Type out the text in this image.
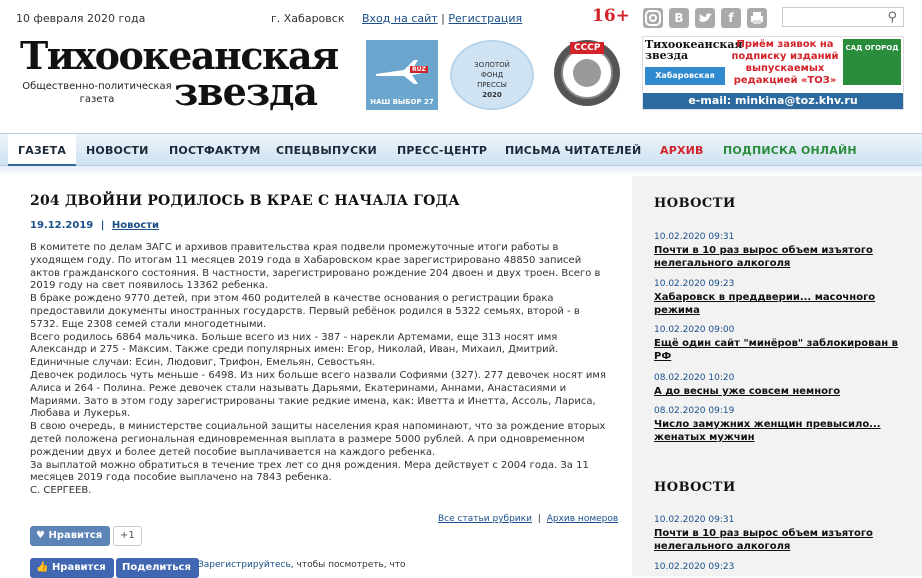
10 февраля 2020 года	г. Хабаровск Вход на сайт | Регистрация	16+	В	f	⚲
Тихоокеанская
звезда
Общественно-политическая газета
RUZ
НАШ ВЫБОР 27
ЗОЛОТОЙ
ФОНД
ПРЕССЫ
2020
СССР	Тихоокеанская звезда
Хабаровская
Приём заявок на подписку изданий выпускаемых редакцией «ТОЗ»
САД ОГОРОД
e-mail: minkina@toz.khv.ru
ГАЗЕТА	НОВОСТИ ПОСТФАКТУМ СПЕЦВЫПУСКИ ПРЕСС-ЦЕНТР ПИСЬМА ЧИТАТЕЛЕЙ АРХИВ ПОДПИСКА ОНЛАЙН
204 ДВОЙНИ РОДИЛОСЬ В КРАЕ С НАЧАЛА ГОДА
19.12.2019 | Новости

В комитете по делам ЗАГС и архивов правительства края подвели промежуточные итоги работы в уходящем году. По итогам 11 месяцев 2019 года в Хабаровском крае зарегистрировано 48850 записей актов гражданского состояния. В частности, зарегистрировано рождение 204 двоен и двух троен. Всего в 2019 году на свет появилось 13362 ребенка.

В браке рождено 9770 детей, при этом 460 родителей в качестве основания о регистрации брака предоставили документы иностранных государств. Первый ребёнок родился в 5322 семьях, второй - в 5732. Еще 2308 семей стали многодетными.

Всего родилось 6864 мальчика. Больше всего из них - 387 - нарекли Артемами, еще 313 носят имя Александр и 275 - Максим. Также среди популярных имен: Егор, Николай, Иван, Михаил, Дмитрий. Единичные случаи: Есин, Людовиг, Трифон, Емельян, Севостьян.

Девочек родилось чуть меньше - 6498. Из них больше всего назвали Софиями (327). 277 девочек носят имя Алиса и 264 - Полина. Реже девочек стали называть Дарьями, Екатеринами, Аннами, Анастасиями и Мариями. Зато в этом году зарегистрированы такие редкие имена, как: Иветта и Инетта, Ассоль, Лариса, Любава и Лукерья.

В свою очередь, в министерстве социальной защиты населения края напоминают, что за рождение вторых детей положена региональная единовременная выплата в размере 5000 рублей. А при одновременном рождении двух и более детей пособие выплачивается на каждого ребенка.

За выплатой можно обратиться в течение трех лет со дня рождения. Мера действует с 2004 года. За 11 месяцев 2019 года пособие выплачено на 7843 ребенка.

С. СЕРГЕЕВ.

Все статьи рубрики | Архив номеров
♥ Нравится	+1
👍 Нравится	Поделиться Зарегистрируйтесь, чтобы посмотреть, что
НОВОСТИ
10.02.2020 09:31
Почти в 10 раз вырос объем изъятого нелегального алкоголя
10.02.2020 09:23
Хабаровск в преддверии... масочного режима
10.02.2020 09:00
Ещё один сайт "минёров" заблокирован в РФ
08.02.2020 10:20
А до весны уже совсем немного
08.02.2020 09:19
Число замужних женщин превысило... женатых мужчин
НОВОСТИ
10.02.2020 09:31
Почти в 10 раз вырос объем изъятого нелегального алкоголя
10.02.2020 09:23
